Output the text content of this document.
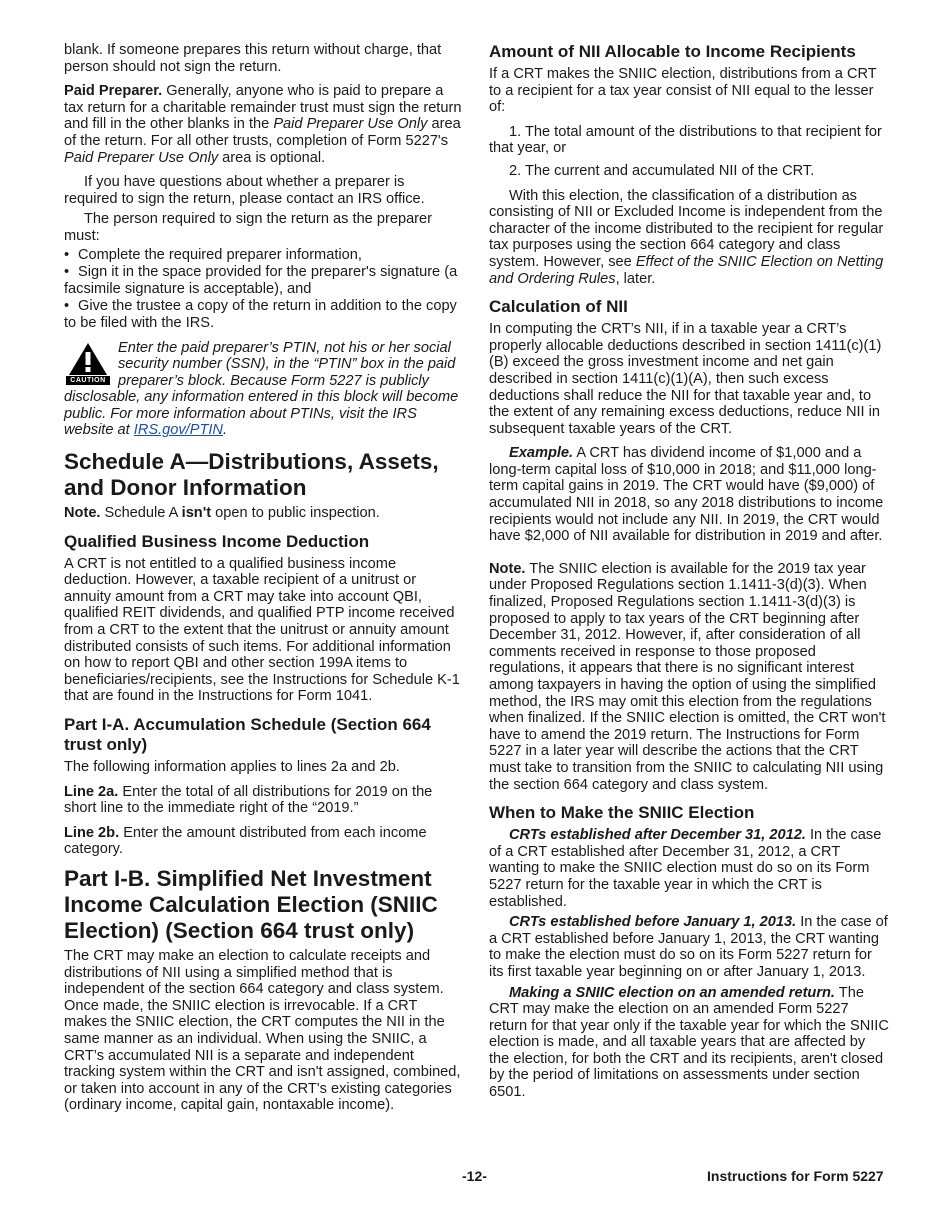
blank. If someone prepares this return without charge, that person should not sign the return.

Paid Preparer. Generally, anyone who is paid to prepare a tax return for a charitable remainder trust must sign the return and fill in the other blanks in the Paid Preparer Use Only area of the return. For all other trusts, completion of Form 5227's Paid Preparer Use Only area is optional.

If you have questions about whether a preparer is required to sign the return, please contact an IRS office.

The person required to sign the return as the preparer must:

• Complete the required preparer information,
• Sign it in the space provided for the preparer's signature (a facsimile signature is acceptable), and
• Give the trustee a copy of the return in addition to the copy to be filed with the IRS.
CAUTION
Enter the paid preparer’s PTIN, not his or her social security number (SSN), in the “PTIN” box in the paid preparer’s block. Because Form 5227 is publicly disclosable, any information entered in this block will become public. For more information about PTINs, visit the IRS website at IRS.gov/PTIN.
Schedule A—Distributions, Assets, and Donor Information

Note. Schedule A isn't open to public inspection.

Qualified Business Income Deduction

A CRT is not entitled to a qualified business income deduction. However, a taxable recipient of a unitrust or annuity amount from a CRT may take into account QBI, qualified REIT dividends, and qualified PTP income received from a CRT to the extent that the unitrust or annuity amount distributed consists of such items. For additional information on how to report QBI and other section 199A items to beneficiaries/recipients, see the Instructions for Schedule K-1 that are found in the Instructions for Form 1041.

Part I-A. Accumulation Schedule (Section 664 trust only)

The following information applies to lines 2a and 2b.

Line 2a. Enter the total of all distributions for 2019 on the short line to the immediate right of the “2019.”

Line 2b. Enter the amount distributed from each income category.

Part I-B. Simplified Net Investment Income Calculation Election (SNIIC Election) (Section 664 trust only)

The CRT may make an election to calculate receipts and distributions of NII using a simplified method that is independent of the section 664 category and class system. Once made, the SNIIC election is irrevocable. If a CRT makes the SNIIC election, the CRT computes the NII in the same manner as an individual. When using the SNIIC, a CRT’s accumulated NII is a separate and independent tracking system within the CRT and isn't assigned, combined, or taken into account in any of the CRT's existing categories (ordinary income, capital gain, nontaxable income).

Amount of NII Allocable to Income Recipients

If a CRT makes the SNIIC election, distributions from a CRT to a recipient for a tax year consist of NII equal to the lesser of:

1. The total amount of the distributions to that recipient for that year, or
2. The current and accumulated NII of the CRT.

With this election, the classification of a distribution as consisting of NII or Excluded Income is independent from the character of the income distributed to the recipient for regular tax purposes using the section 664 category and class system. However, see Effect of the SNIIC Election on Netting and Ordering Rules, later.

Calculation of NII

In computing the CRT’s NII, if in a taxable year a CRT’s properly allocable deductions described in section 1411(c)(1)(B) exceed the gross investment income and net gain described in section 1411(c)(1)(A), then such excess deductions shall reduce the NII for that taxable year and, to the extent of any remaining excess deductions, reduce NII in subsequent taxable years of the CRT.

Example. A CRT has dividend income of $1,000 and a long-term capital loss of $10,000 in 2018; and $11,000 long-term capital gains in 2019. The CRT would have ($9,000) of accumulated NII in 2018, so any 2018 distributions to income recipients would not include any NII. In 2019, the CRT would have $2,000 of NII available for distribution in 2019 and after.

Note. The SNIIC election is available for the 2019 tax year under Proposed Regulations section 1.1411-3(d)(3). When finalized, Proposed Regulations section 1.1411-3(d)(3) is proposed to apply to tax years of the CRT beginning after December 31, 2012. However, if, after consideration of all comments received in response to those proposed regulations, it appears that there is no significant interest among taxpayers in having the option of using the simplified method, the IRS may omit this election from the regulations when finalized. If the SNIIC election is omitted, the CRT won't have to amend the 2019 return. The Instructions for Form 5227 in a later year will describe the actions that the CRT must take to transition from the SNIIC to calculating NII using the section 664 category and class system.

When to Make the SNIIC Election

CRTs established after December 31, 2012. In the case of a CRT established after December 31, 2012, a CRT wanting to make the SNIIC election must do so on its Form 5227 return for the taxable year in which the CRT is established.

CRTs established before January 1, 2013. In the case of a CRT established before January 1, 2013, the CRT wanting to make the election must do so on its Form 5227 return for its first taxable year beginning on or after January 1, 2013.

Making a SNIIC election on an amended return. The CRT may make the election on an amended Form 5227 return for that year only if the taxable year for which the SNIIC election is made, and all taxable years that are affected by the election, for both the CRT and its recipients, aren't closed by the period of limitations on assessments under section 6501.

-12-	Instructions for Form 5227
